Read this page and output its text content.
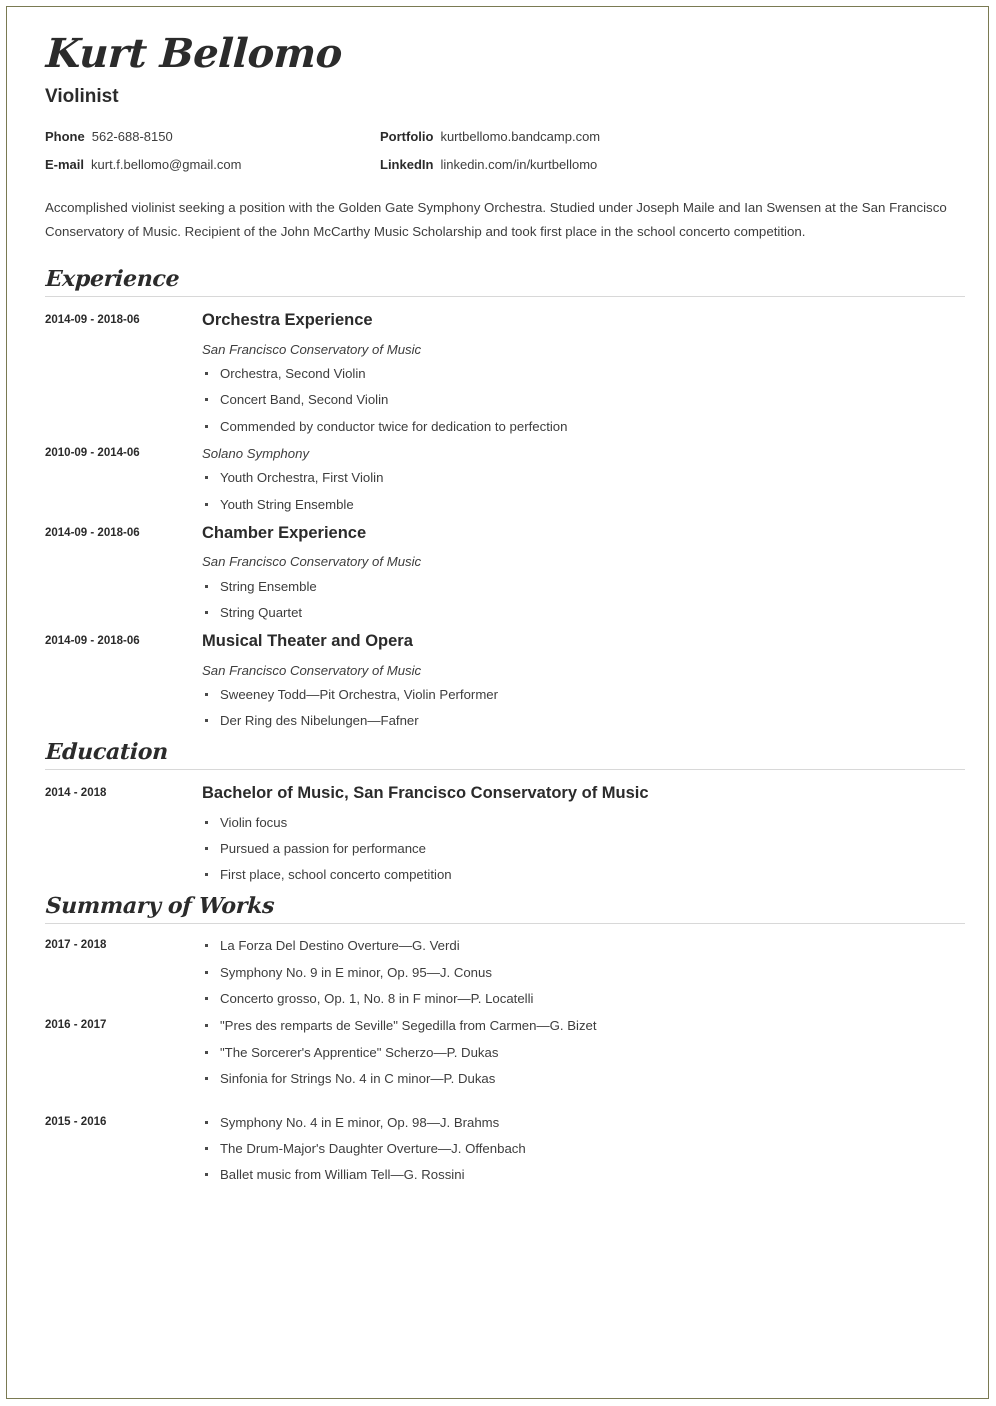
Kurt Bellomo
Violinist
Phone 562-688-8150	Portfolio kurtbellomo.bandcamp.com
E-mail kurt.f.bellomo@gmail.com	LinkedIn linkedin.com/in/kurtbellomo

Accomplished violinist seeking a position with the Golden Gate Symphony Orchestra. Studied under Joseph Maile and Ian Swensen at the San Francisco Conservatory of Music. Recipient of the John McCarthy Music Scholarship and took first place in the school concerto competition.

Experience
2014-09 - 2018-06	Orchestra Experience
San Francisco Conservatory of Music
Orchestra, Second Violin
Concert Band, Second Violin
Commended by conductor twice for dedication to perfection
2010-09 - 2014-06	Solano Symphony
Youth Orchestra, First Violin
Youth String Ensemble
2014-09 - 2018-06	Chamber Experience
San Francisco Conservatory of Music
String Ensemble
String Quartet
2014-09 - 2018-06	Musical Theater and Opera
San Francisco Conservatory of Music
Sweeney Todd—Pit Orchestra, Violin Performer
Der Ring des Nibelungen—Fafner
Education
2014 - 2018	Bachelor of Music, San Francisco Conservatory of Music
Violin focus
Pursued a passion for performance
First place, school concerto competition
Summary of Works
2017 - 2018	La Forza Del Destino Overture—G. Verdi
Symphony No. 9 in E minor, Op. 95—J. Conus
Concerto grosso, Op. 1, No. 8 in F minor—P. Locatelli
2016 - 2017	"Pres des remparts de Seville" Segedilla from Carmen—G. Bizet
"The Sorcerer's Apprentice" Scherzo—P. Dukas
Sinfonia for Strings No. 4 in C minor—P. Dukas
2015 - 2016	Symphony No. 4 in E minor, Op. 98—J. Brahms
The Drum-Major's Daughter Overture—J. Offenbach
Ballet music from William Tell—G. Rossini
